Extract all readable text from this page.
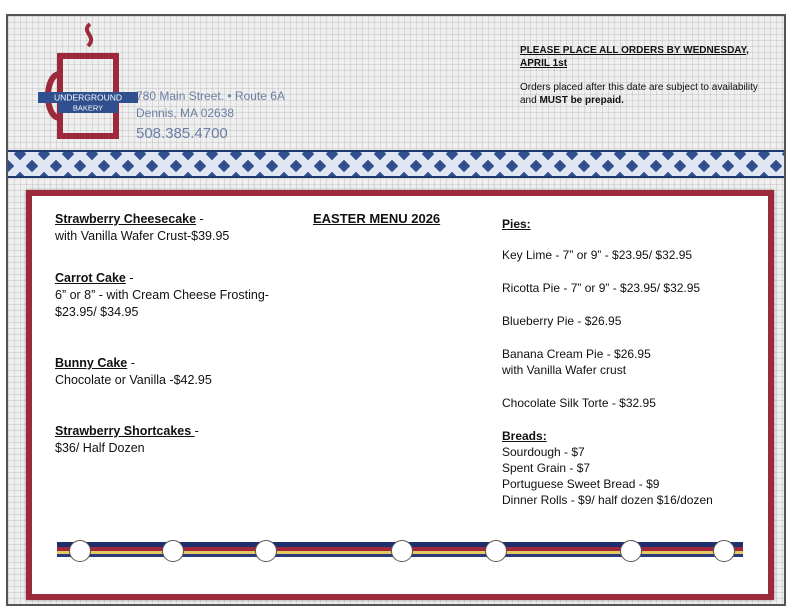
UNDERGROUND
BAKERY
780 Main Street. • Route 6A
Dennis, MA 02638
508.385.4700
PLEASE PLACE ALL ORDERS BY WEDNESDAY, APRIL 1st
Orders placed after this date are subject to availability and MUST be prepaid.
EASTER MENU 2026
Strawberry Cheesecake -
with Vanilla Wafer Crust-$39.95
Carrot Cake -
6” or 8” - with Cream Cheese Frosting-
$23.95/ $34.95
Bunny Cake -
Chocolate or Vanilla -$42.95
Strawberry Shortcakes -
$36/ Half Dozen
Pies:
Key Lime - 7” or 9” - $23.95/ $32.95
Ricotta Pie - 7” or 9” - $23.95/ $32.95
Blueberry Pie - $26.95
Banana Cream Pie - $26.95
with Vanilla Wafer crust
Chocolate Silk Torte - $32.95
Breads:
Sourdough - $7
Spent Grain - $7
Portuguese Sweet Bread - $9
Dinner Rolls - $9/ half dozen $16/dozen
